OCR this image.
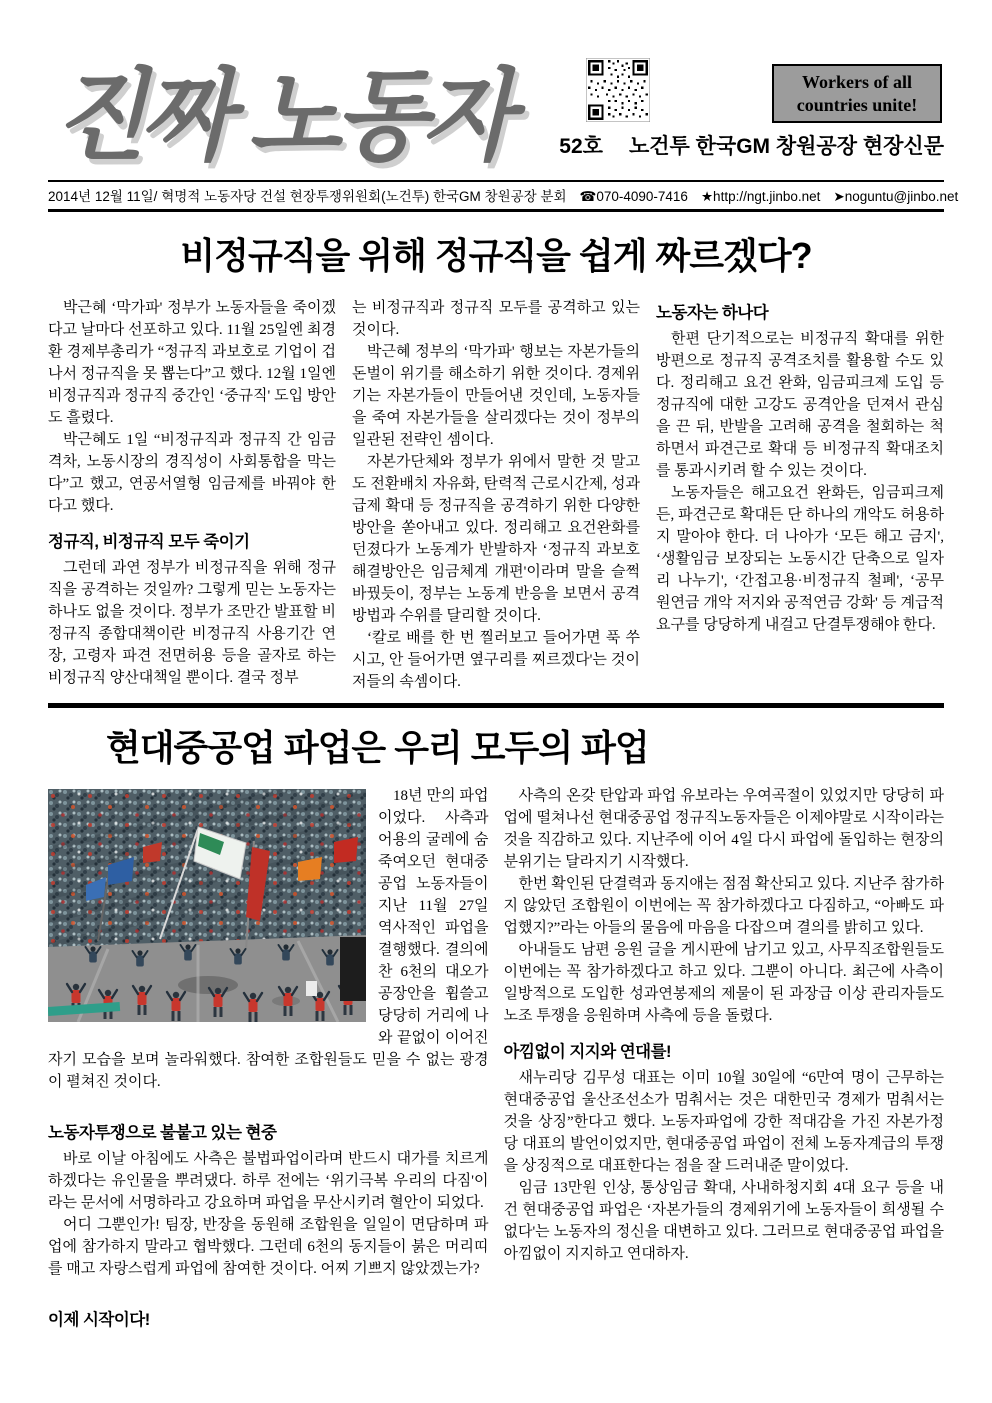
진짜 노동자	Workers of all
countries unite!
52호 노건투 한국GM 창원공장 현장신문
2014년 12월 11일/ 혁명적 노동자당 건설 현장투쟁위원회(노건투) 한국GM 창원공장 분회 ☎070-4090-7416 ★http://ngt.jinbo.net ➤noguntu@jinbo.net
비정규직을 위해 정규직을 쉽게 짜르겠다?

박근혜 ‘막가파' 정부가 노동자들을 죽이겠다고 날마다 선포하고 있다. 11월 25일엔 최경환 경제부총리가 “정규직 과보호로 기업이 겁나서 정규직을 못 뽑는다”고 했다. 12월 1일엔 비정규직과 정규직 중간인 ‘중규직' 도입 방안도 흘렸다.

박근혜도 1일 “비정규직과 정규직 간 임금격차, 노동시장의 경직성이 사회통합을 막는다”고 했고, 연공서열형 임금제를 바꿔야 한다고 했다.

정규직, 비정규직 모두 죽이기

그런데 과연 정부가 비정규직을 위해 정규직을 공격하는 것일까? 그렇게 믿는 노동자는 하나도 없을 것이다. 정부가 조만간 발표할 비정규직 종합대책이란 비정규직 사용기간 연장, 고령자 파견 전면허용 등을 골자로 하는 비정규직 양산대책일 뿐이다. 결국 정부

는 비정규직과 정규직 모두를 공격하고 있는 것이다.

박근혜 정부의 ‘막가파' 행보는 자본가들의 돈벌이 위기를 해소하기 위한 것이다. 경제위기는 자본가들이 만들어낸 것인데, 노동자들을 죽여 자본가들을 살리겠다는 것이 정부의 일관된 전략인 셈이다.

자본가단체와 정부가 위에서 말한 것 말고도 전환배치 자유화, 탄력적 근로시간제, 성과급제 확대 등 정규직을 공격하기 위한 다양한 방안을 쏟아내고 있다. 정리해고 요건완화를 던졌다가 노동계가 반발하자 ‘정규직 과보호 해결방안은 임금체계 개편'이라며 말을 슬쩍 바꿨듯이, 정부는 노동계 반응을 보면서 공격 방법과 수위를 달리할 것이다.

‘칼로 배를 한 번 찔러보고 들어가면 푹 쑤시고, 안 들어가면 옆구리를 찌르겠다'는 것이 저들의 속셈이다.

노동자는 하나다

한편 단기적으로는 비정규직 확대를 위한 방편으로 정규직 공격조치를 활용할 수도 있다. 정리해고 요건 완화, 임금피크제 도입 등 정규직에 대한 고강도 공격안을 던져서 관심을 끈 뒤, 반발을 고려해 공격을 철회하는 척하면서 파견근로 확대 등 비정규직 확대조치를 통과시키려 할 수 있는 것이다.

노동자들은 해고요건 완화든, 임금피크제든, 파견근로 확대든 단 하나의 개악도 허용하지 말아야 한다. 더 나아가 ‘모든 해고 금지', ‘생활임금 보장되는 노동시간 단축으로 일자리 나누기', ‘간접고용·비정규직 철폐', ‘공무원연금 개악 저지와 공적연금 강화' 등 계급적 요구를 당당하게 내걸고 단결투쟁해야 한다.

현대중공업 파업은 우리 모두의 파업

18년 만의 파업이었다. 사측과 어용의 굴레에 숨죽여오던 현대중공업 노동자들이 지난 11월 27일 역사적인 파업을 결행했다. 결의에 찬 6천의 대오가 공장안을 휩쓸고 당당히 거리에 나와 끝없이 이어진 자기 모습을 보며 놀라워했다. 참여한 조합원들도 믿을 수 없는 광경이 펼쳐진 것이다.

노동자투쟁으로 불붙고 있는 현중

바로 이날 아침에도 사측은 불법파업이라며 반드시 대가를 치르게 하겠다는 유인물을 뿌려댔다. 하루 전에는 ‘위기극복 우리의 다짐'이라는 문서에 서명하라고 강요하며 파업을 무산시키려 혈안이 되었다.

어디 그뿐인가! 팀장, 반장을 동원해 조합원을 일일이 면담하며 파업에 참가하지 말라고 협박했다. 그런데 6천의 동지들이 붉은 머리띠를 매고 자랑스럽게 파업에 참여한 것이다. 어찌 기쁘지 않았겠는가?

이제 시작이다!

사측의 온갖 탄압과 파업 유보라는 우여곡절이 있었지만 당당히 파업에 떨쳐나선 현대중공업 정규직노동자들은 이제야말로 시작이라는 것을 직감하고 있다. 지난주에 이어 4일 다시 파업에 돌입하는 현장의 분위기는 달라지기 시작했다.

한번 확인된 단결력과 동지애는 점점 확산되고 있다. 지난주 참가하지 않았던 조합원이 이번에는 꼭 참가하겠다고 다짐하고, “아빠도 파업했지?”라는 아들의 물음에 마음을 다잡으며 결의를 밝히고 있다.

아내들도 남편 응원 글을 게시판에 남기고 있고, 사무직조합원들도 이번에는 꼭 참가하겠다고 하고 있다. 그뿐이 아니다. 최근에 사측이 일방적으로 도입한 성과연봉제의 제물이 된 과장급 이상 관리자들도 노조 투쟁을 응원하며 사측에 등을 돌렸다.

아낌없이 지지와 연대를!

새누리당 김무성 대표는 이미 10월 30일에 “6만여 명이 근무하는 현대중공업 울산조선소가 멈춰서는 것은 대한민국 경제가 멈춰서는 것을 상징”한다고 했다. 노동자파업에 강한 적대감을 가진 자본가정당 대표의 발언이었지만, 현대중공업 파업이 전체 노동자계급의 투쟁을 상징적으로 대표한다는 점을 잘 드러내준 말이었다.

임금 13만원 인상, 통상임금 확대, 사내하청지회 4대 요구 등을 내건 현대중공업 파업은 ‘자본가들의 경제위기에 노동자들이 희생될 수 없다'는 노동자의 정신을 대변하고 있다. 그러므로 현대중공업 파업을 아낌없이 지지하고 연대하자.
